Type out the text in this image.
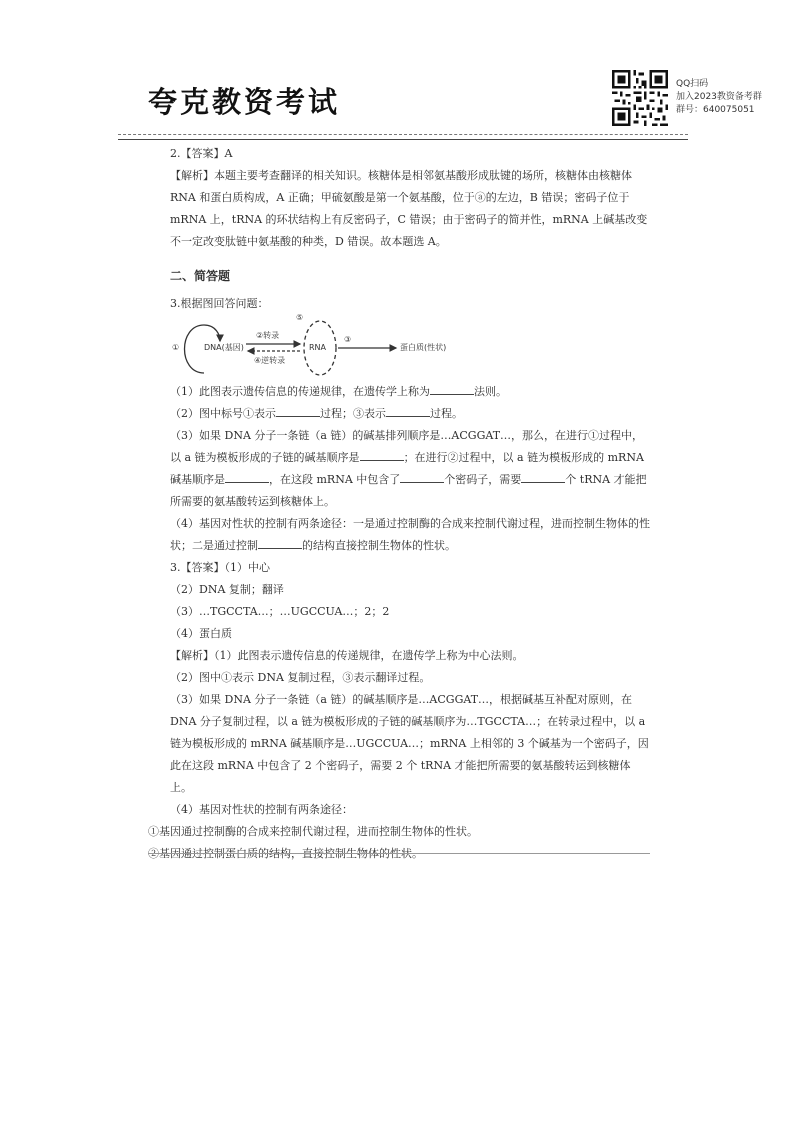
夸克教资考试
QQ扫码
加入2023教资备考群
群号：640075051

2.【答案】A

【解析】本题主要考查翻译的相关知识。核糖体是相邻氨基酸形成肽键的场所，核糖体由核糖体 RNA 和蛋白质构成，A 正确；甲硫氨酸是第一个氨基酸，位于ⓐ的左边，B 错误；密码子位于 mRNA 上，tRNA 的环状结构上有反密码子，C 错误；由于密码子的简并性，mRNA 上碱基改变不一定改变肽链中氨基酸的种类，D 错误。故本题选 A。

二、简答题

3.根据图回答问题：

①	DNA(基因)
②转录
④逆转录
⑤
RNA
③
蛋白质(性状)

（1）此图表示遗传信息的传递规律，在遗传学上称为	法则。

（2）图中标号①表示	过程；③表示	过程。

（3）如果 DNA 分子一条链（a 链）的碱基排列顺序是…ACGGAT…，那么，在进行①过程中，以 a 链为模板形成的子链的碱基顺序是	；在进行②过程中，以 a 链为模板形成的 mRNA 碱基顺序是	，在这段 mRNA 中包含了	个密码子，需要	个 tRNA 才能把所需要的氨基酸转运到核糖体上。

（4）基因对性状的控制有两条途径：一是通过控制酶的合成来控制代谢过程，进而控制生物体的性状；二是通过控制	的结构直接控制生物体的性状。

3.【答案】（1）中心

（2）DNA 复制；翻译

（3）…TGCCTA…；…UGCCUA…；2；2

（4）蛋白质

【解析】（1）此图表示遗传信息的传递规律，在遗传学上称为中心法则。

（2）图中①表示 DNA 复制过程，③表示翻译过程。

（3）如果 DNA 分子一条链（a 链）的碱基顺序是…ACGGAT…，根据碱基互补配对原则，在 DNA 分子复制过程，以 a 链为模板形成的子链的碱基顺序为…TGCCTA…；在转录过程中，以 a 链为模板形成的 mRNA 碱基顺序是…UGCCUA…；mRNA 上相邻的 3 个碱基为一个密码子，因此在这段 mRNA 中包含了 2 个密码子，需要 2 个 tRNA 才能把所需要的氨基酸转运到核糖体上。

（4）基因对性状的控制有两条途径：

①基因通过控制酶的合成来控制代谢过程，进而控制生物体的性状。

②基因通过控制蛋白质的结构，直接控制生物体的性状。
